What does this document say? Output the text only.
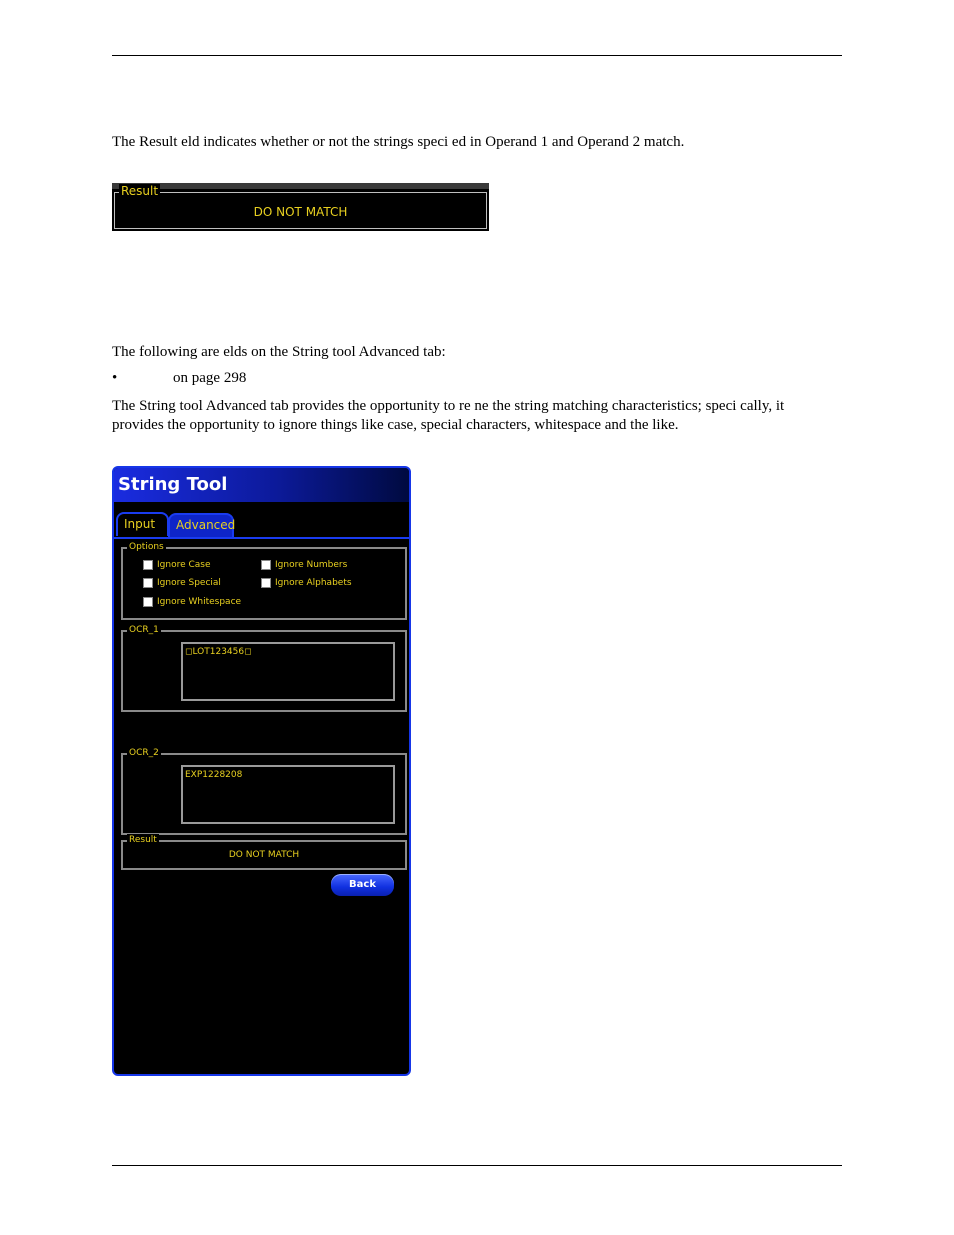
The Result eld indicates whether or not the strings speci ed in Operand 1 and Operand 2 match.

Result
DO NOT MATCH

The following are elds on the String tool Advanced tab:

•	on page 298

The String tool Advanced tab provides the opportunity to re ne the string matching characteristics; speci cally, it provides the opportunity to ignore things like case, special characters, whitespace and the like.

String Tool
Input	Advanced
Options
Ignore Case	Ignore Numbers
Ignore Special	Ignore Alphabets
Ignore Whitespace
OCR_1
◻LOT123456◻
OCR_2
EXP1228208
Result
DO NOT MATCH
Back
